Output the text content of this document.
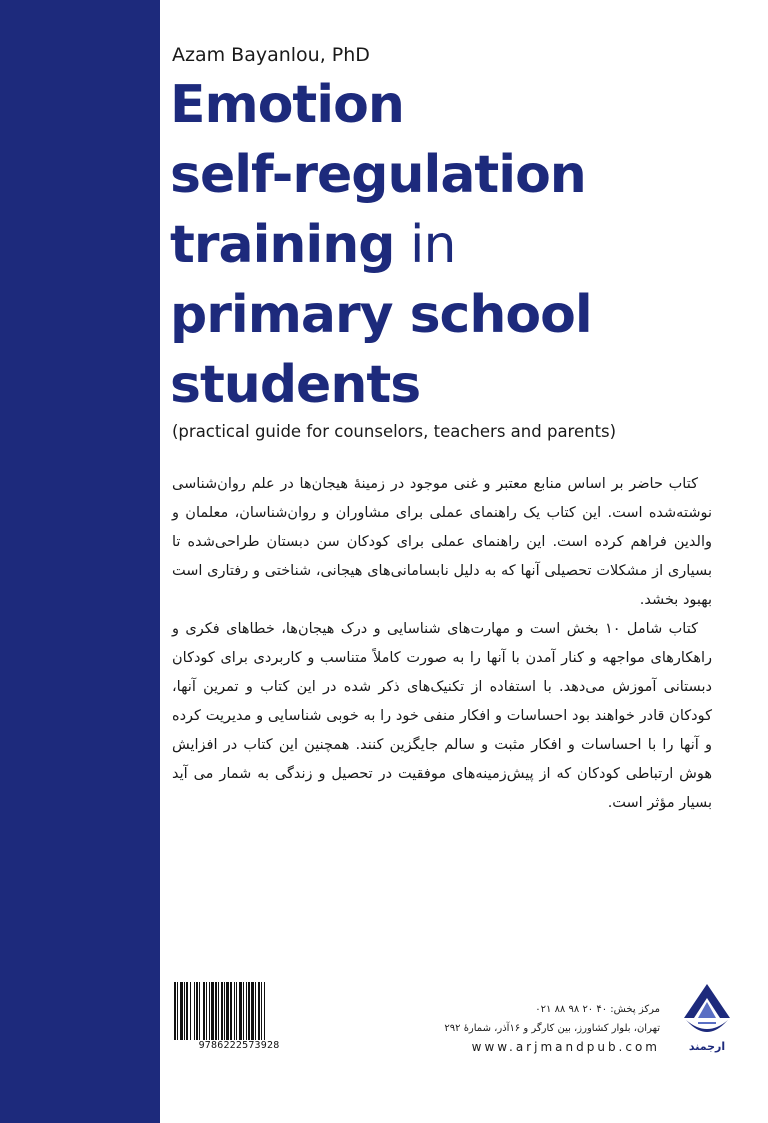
Azam Bayanlou, PhD
Emotion
self-regulation
training in
primary school
students
(practical guide for counselors, teachers and parents)

کتاب حاضر بر اساس منابع معتبر و غنی موجود در زمینهٔ هیجان‌ها در علم روان‌شناسی نوشته‌شده است. این کتاب یک راهنمای عملی برای مشاوران و روان‌شناسان، معلمان و والدین فراهم کرده است. این راهنمای عملی برای کودکان سن دبستان طراحی‌شده تا بسیاری از مشکلات تحصیلی آنها که به دلیل نابسامانی‌های هیجانی، شناختی و رفتاری است بهبود بخشد.

کتاب شامل ۱۰ بخش است و مهارت‌های شناسایی و درک هیجان‌ها، خطاهای فکری و راهکارهای مواجهه و کنار آمدن با آنها را به صورت کاملاً متناسب و کاربردی برای کودکان دبستانی آموزش می‌دهد. با استفاده از تکنیک‌های ذکر شده در این کتاب و تمرین آنها، کودکان قادر خواهند بود احساسات و افکار منفی خود را به خوبی شناسایی و مدیریت کرده و آنها را با احساسات و افکار مثبت و سالم جایگزین کنند. همچنین این کتاب در افزایش هوش ارتباطی کودکان که از پیش‌زمینه‌های موفقیت در تحصیل و زندگی به شمار می آید بسیار مؤثر است.

9786222573928
مرکز پخش: ۴۰ ۲۰ ۹۸ ۸۸ ۰۲۱
تهران، بلوار کشاورز، بین کارگر و ۱۶آذر، شمارهٔ ۲۹۲
www.arjmandpub.com	ارجمند
